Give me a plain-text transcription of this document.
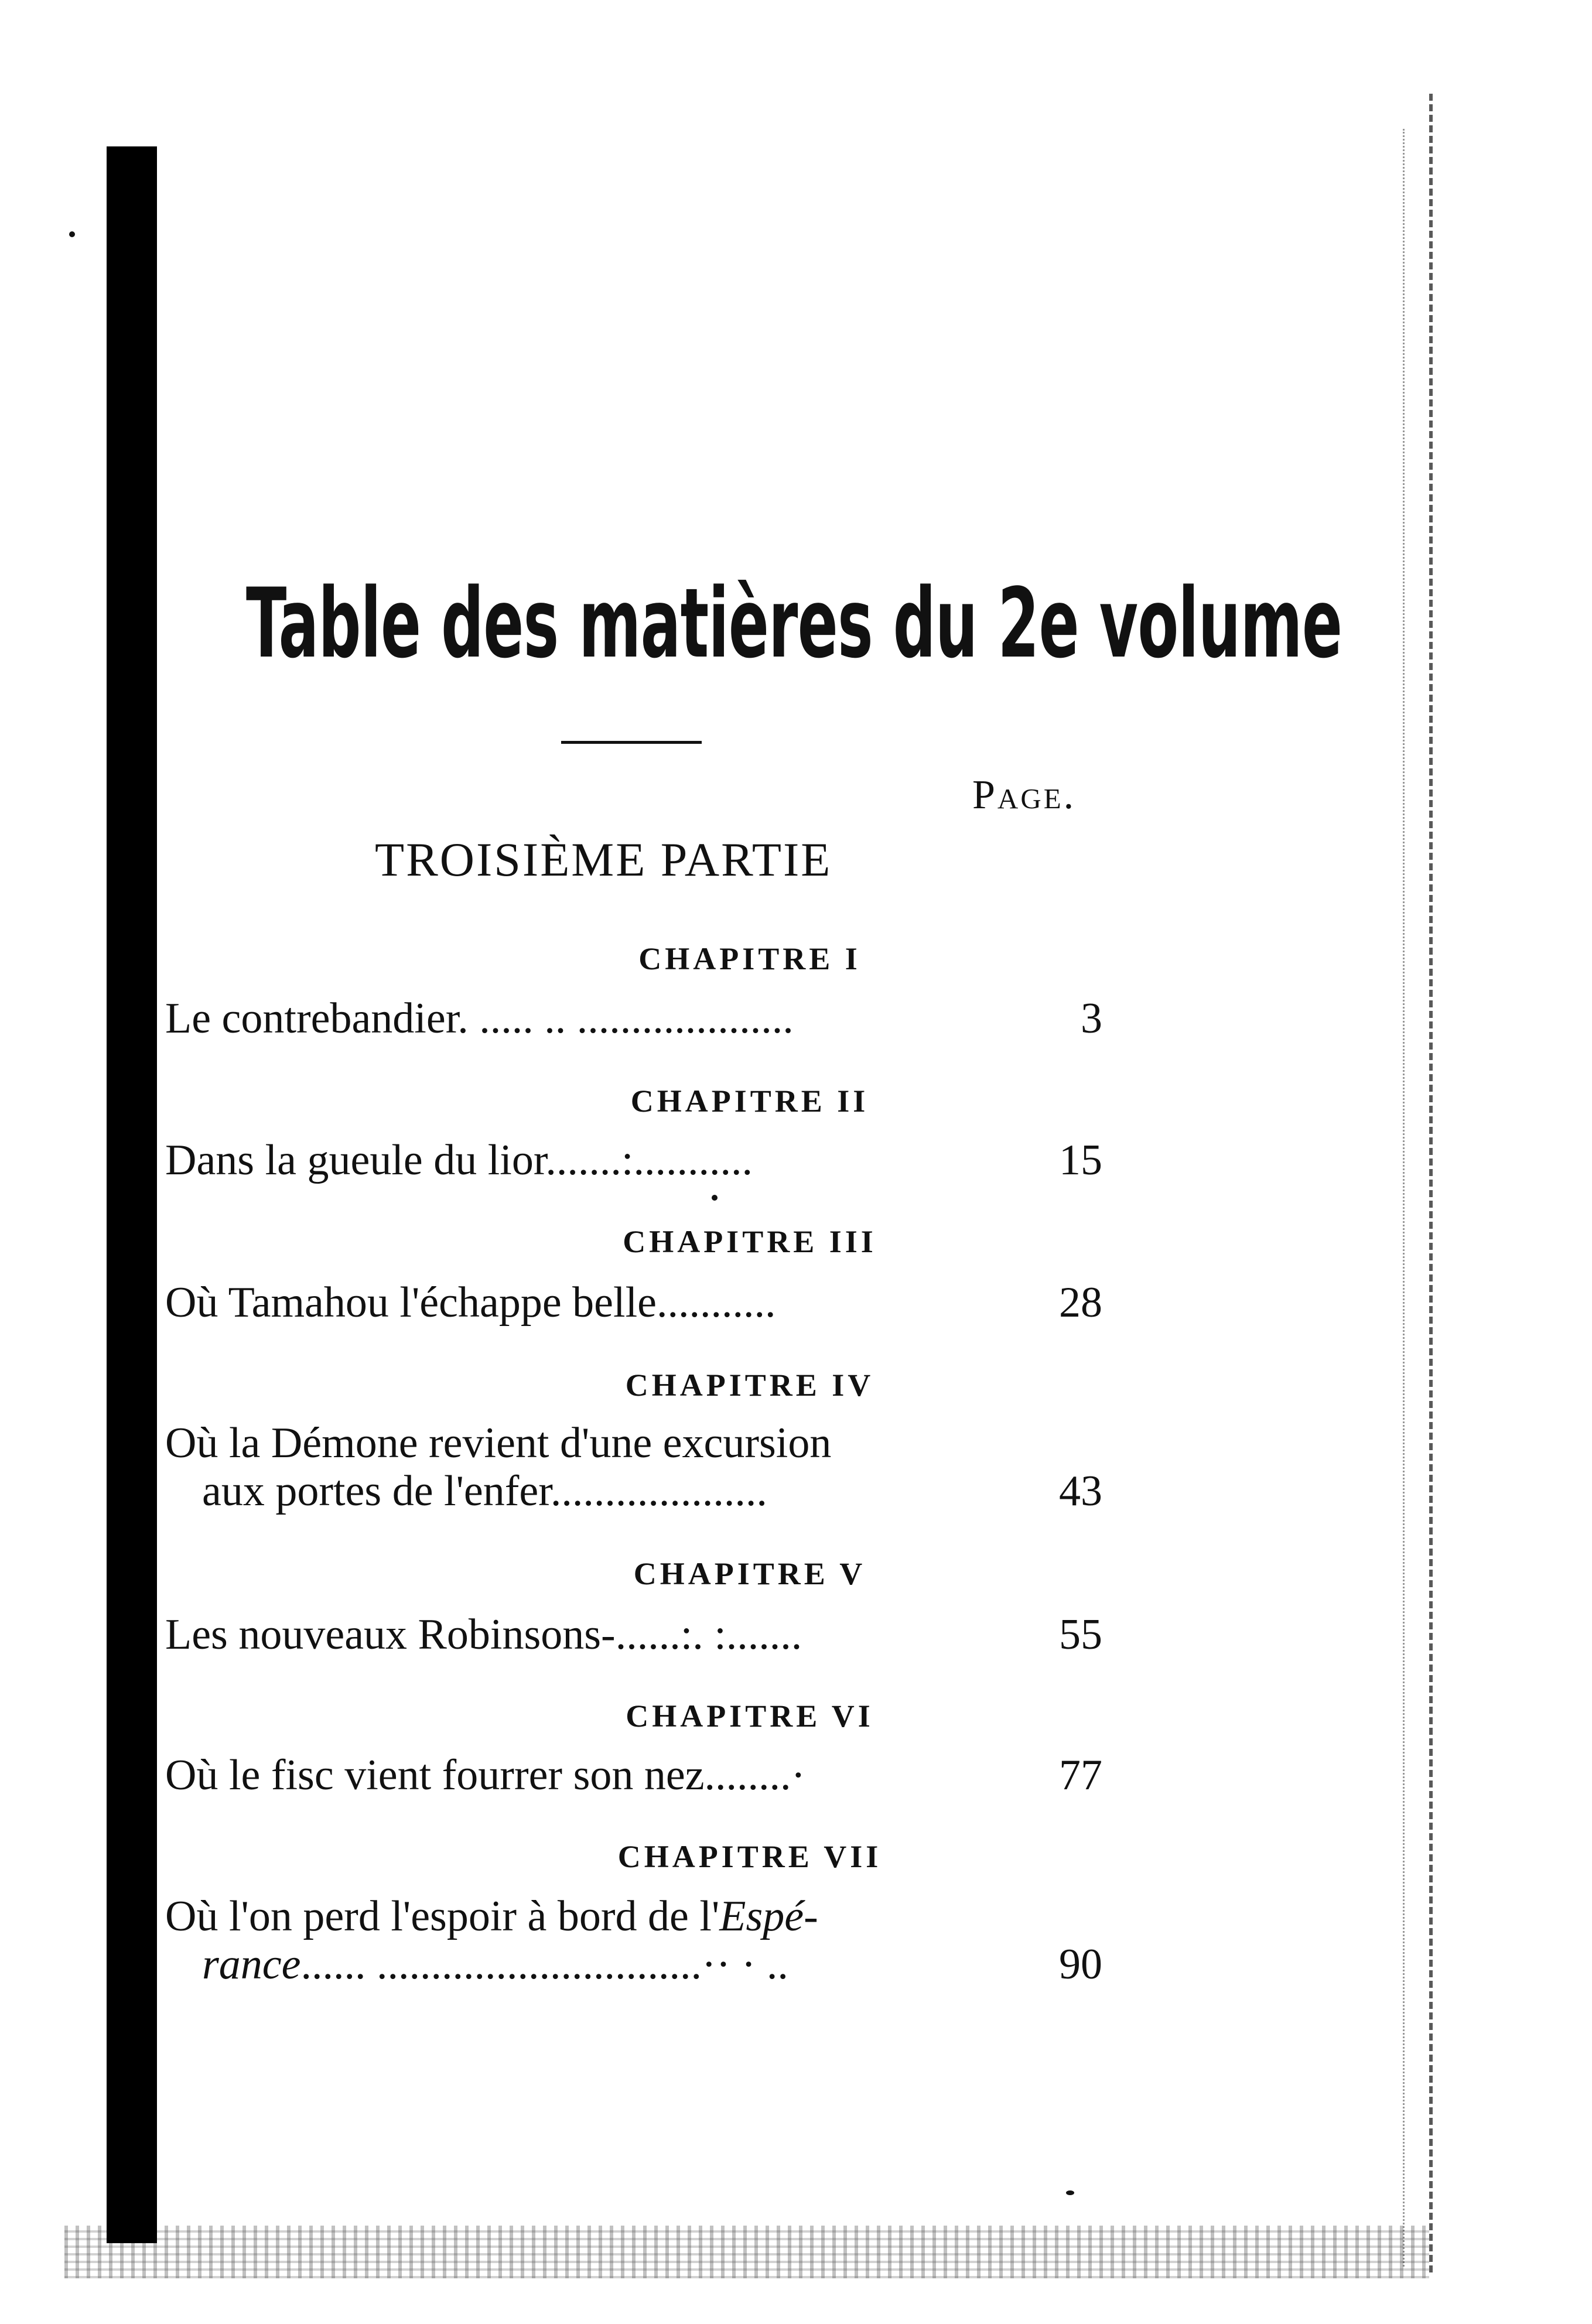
Table des matières du 2e volume
Page.
TROISIÈME PARTIE
CHAPITRE I
Le contrebandier. ..... .. ....................	3
CHAPITRE II
Dans la gueule du lior.......:...........	15
CHAPITRE III
Où Tamahou l'échappe belle...........	28
CHAPITRE IV
Où la Démone revient d'une excursion
aux portes de l'enfer....................	43
CHAPITRE V
Les nouveaux Robinsons-......:. :.......	55
CHAPITRE VI
Où le fisc vient fourrer son nez........·	77
CHAPITRE VII
Où l'on perd l'espoir à bord de l'Espé-
rance...... ..............................·· · ..	90
